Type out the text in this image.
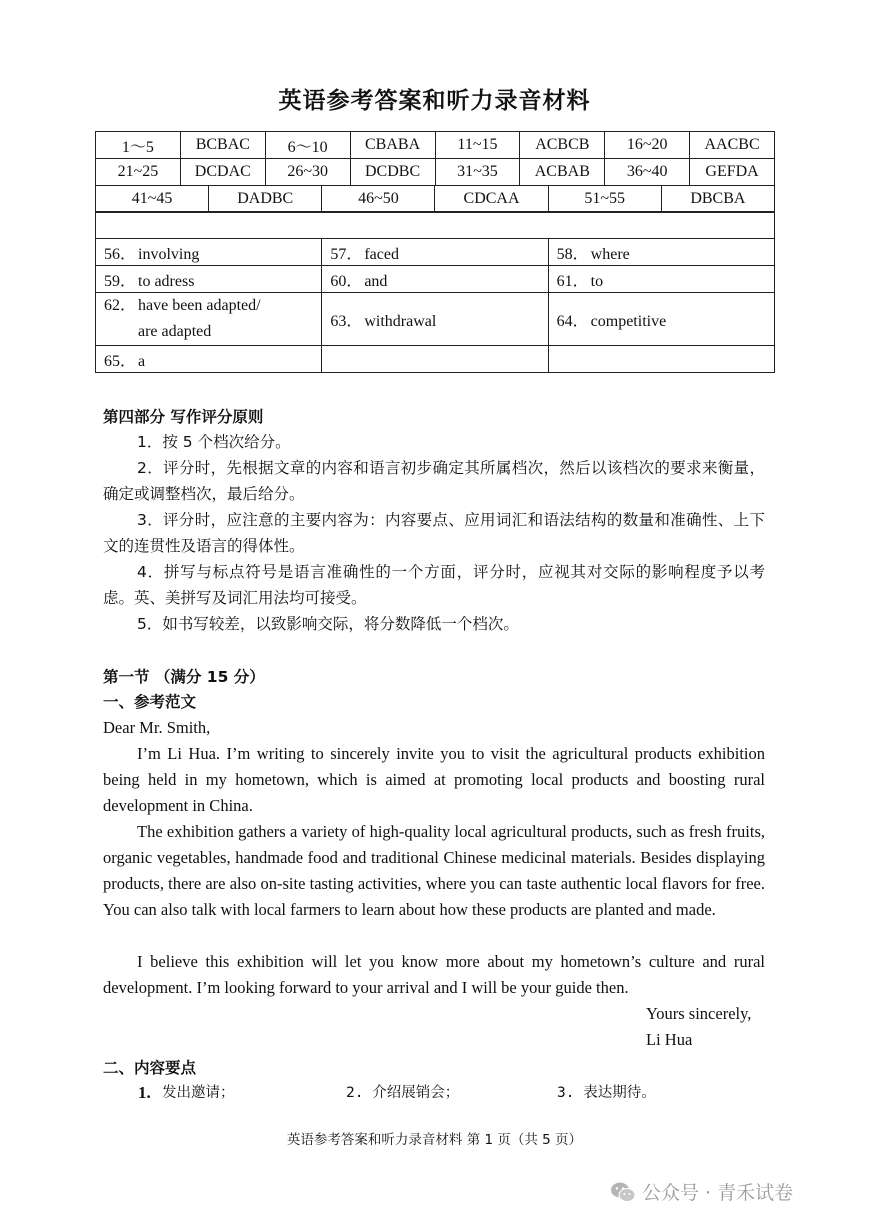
英语参考答案和听力录音材料
1～5	BCBAC	6～10	CBABA	11~15	ACBCB	16~20	AACBC
21~25	DCDAC	26~30	DCDBC	31~35	ACBAB	36~40	GEFDA
41~45	DADBC	46~50	CDCAA	51~55	DBCBA
56． involving	57． faced	58． where
59． to adress	60． and	61． to
62． have been adapted/
are adapted	63． withdrawal	64． competitive
65． a		
第四部分 写作评分原则
1．按 5 个档次给分。
2．评分时，先根据文章的内容和语言初步确定其所属档次，然后以该档次的要求来衡量，确定或调整档次，最后给分。
3．评分时，应注意的主要内容为：内容要点、应用词汇和语法结构的数量和准确性、上下文的连贯性及语言的得体性。
4．拼写与标点符号是语言准确性的一个方面，评分时，应视其对交际的影响程度予以考虑。英、美拼写及词汇用法均可接受。
5．如书写较差，以致影响交际，将分数降低一个档次。
第一节 （满分 15 分）
一、参考范文
Dear Mr. Smith,
I’m Li Hua. I’m writing to sincerely invite you to visit the agricultural products exhibition being held in my hometown, which is aimed at promoting local products and boosting rural development in China.
The exhibition gathers a variety of high-quality local agricultural products, such as fresh fruits, organic vegetables, handmade food and traditional Chinese medicinal materials. Besides displaying products, there are also on-site tasting activities, where you can taste authentic local flavors for free. You can also talk with local farmers to learn about how these products are planted and made.
I believe this exhibition will let you know more about my hometown’s culture and rural development. I’m looking forward to your arrival and I will be your guide then.
Yours sincerely,
Li Hua
二、内容要点
1. 发出邀请；	2. 介绍展销会；	3. 表达期待。
英语参考答案和听力录音材料 第 1 页（共 5 页）
公众号 · 青禾试卷
